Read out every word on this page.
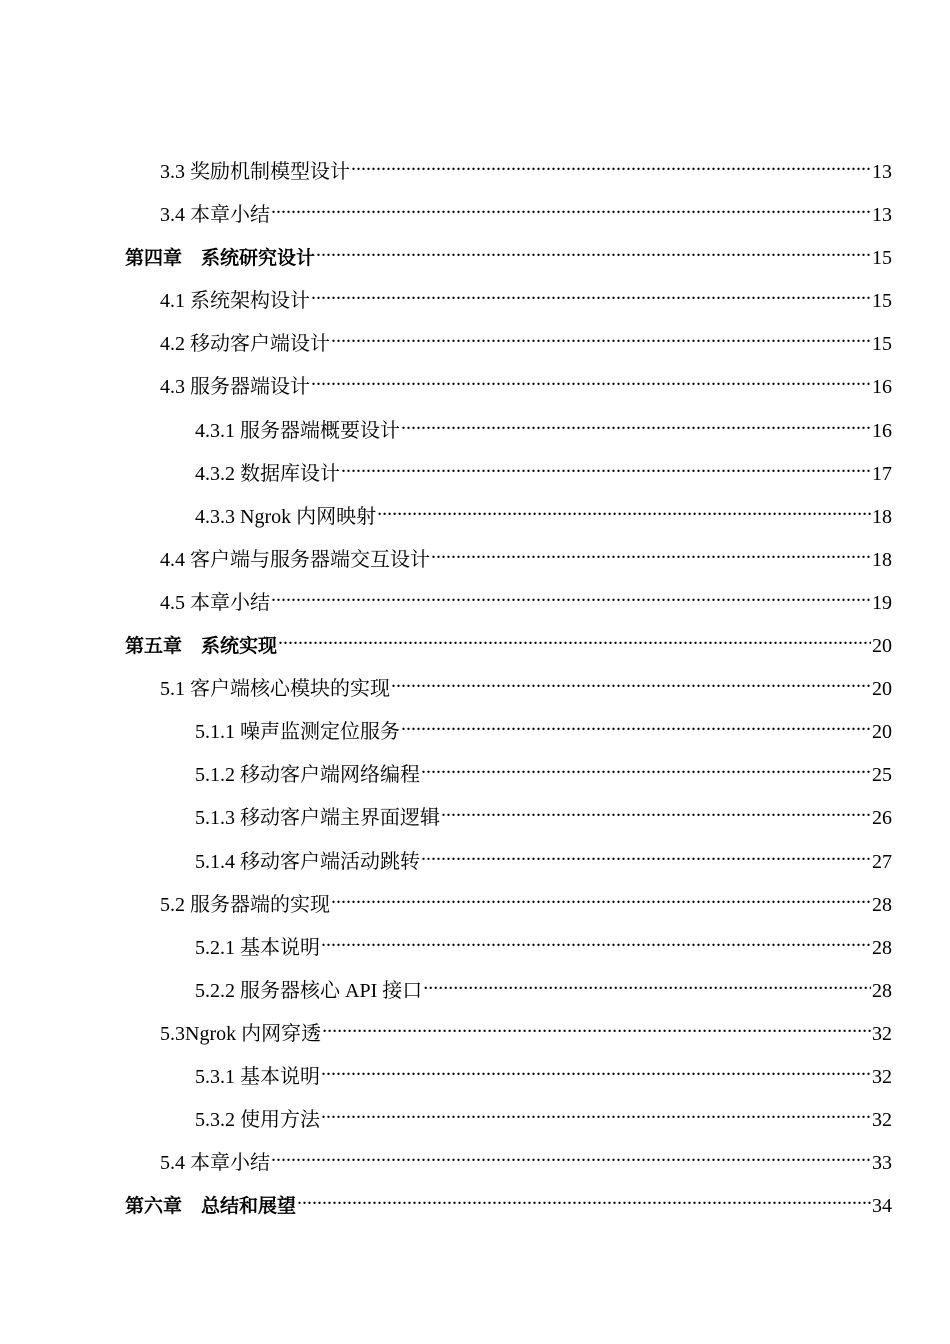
3.3 奖励机制模型设计 .....	13
3.4 本章小结 .....	13
第四章　系统研究设计 .....	15
4.1 系统架构设计 .....	15
4.2 移动客户端设计 .....	15
4.3 服务器端设计 .....	16
4.3.1 服务器端概要设计 .....	16
4.3.2 数据库设计 .....	17
4.3.3 Ngrok 内网映射 .....	18
4.4 客户端与服务器端交互设计 .....	18
4.5 本章小结 .....	19
第五章　系统实现 .....	20
5.1 客户端核心模块的实现 .....	20
5.1.1 噪声监测定位服务 .....	20
5.1.2 移动客户端网络编程 .....	25
5.1.3 移动客户端主界面逻辑 .....	26
5.1.4 移动客户端活动跳转 .....	27
5.2 服务器端的实现 .....	28
5.2.1 基本说明 .....	28
5.2.2 服务器核心 API 接口 .....	28
5.3Ngrok 内网穿透 .....	32
5.3.1 基本说明 .....	32
5.3.2 使用方法 .....	32
5.4 本章小结 .....	33
第六章　总结和展望 .....	34
